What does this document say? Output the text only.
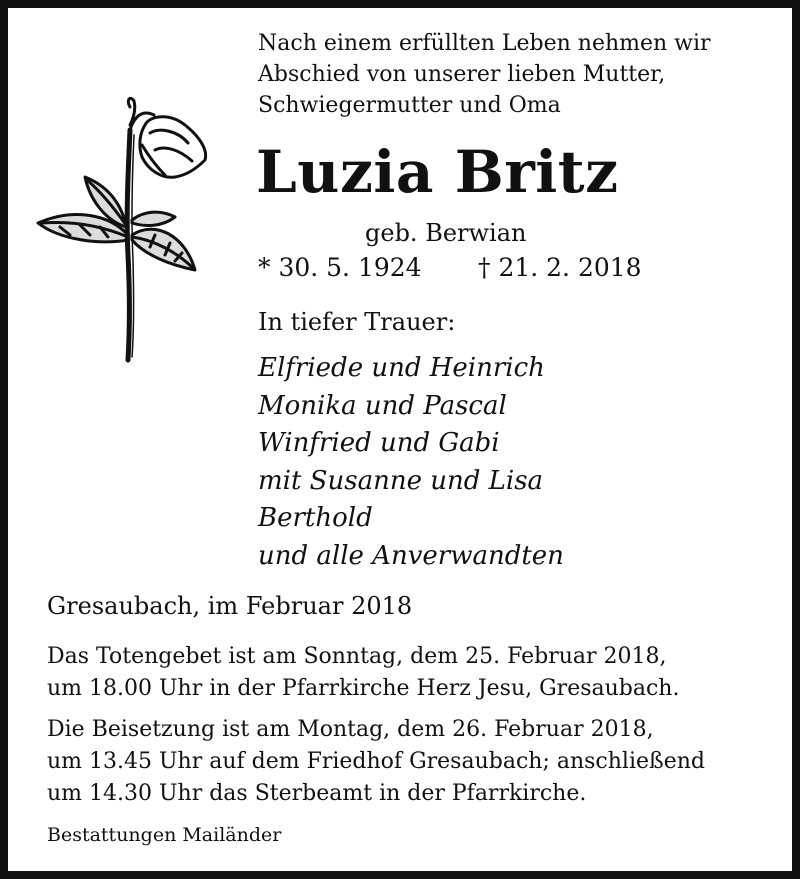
Nach einem erfüllten Leben nehmen wir
Abschied von unserer lieben Mutter,
Schwiegermutter und Oma
Luzia Britz
geb. Berwian
* 30. 5. 1924 † 21. 2. 2018
In tiefer Trauer:
Elfriede und Heinrich
Monika und Pascal
Winfried und Gabi
mit Susanne und Lisa
Berthold
und alle Anverwandten
Gresaubach, im Februar 2018
Das Totengebet ist am Sonntag, dem 25. Februar 2018,
um 18.00 Uhr in der Pfarrkirche Herz Jesu, Gresaubach.
Die Beisetzung ist am Montag, dem 26. Februar 2018,
um 13.45 Uhr auf dem Friedhof Gresaubach; anschließend
um 14.30 Uhr das Sterbeamt in der Pfarrkirche.
Bestattungen Mailänder
